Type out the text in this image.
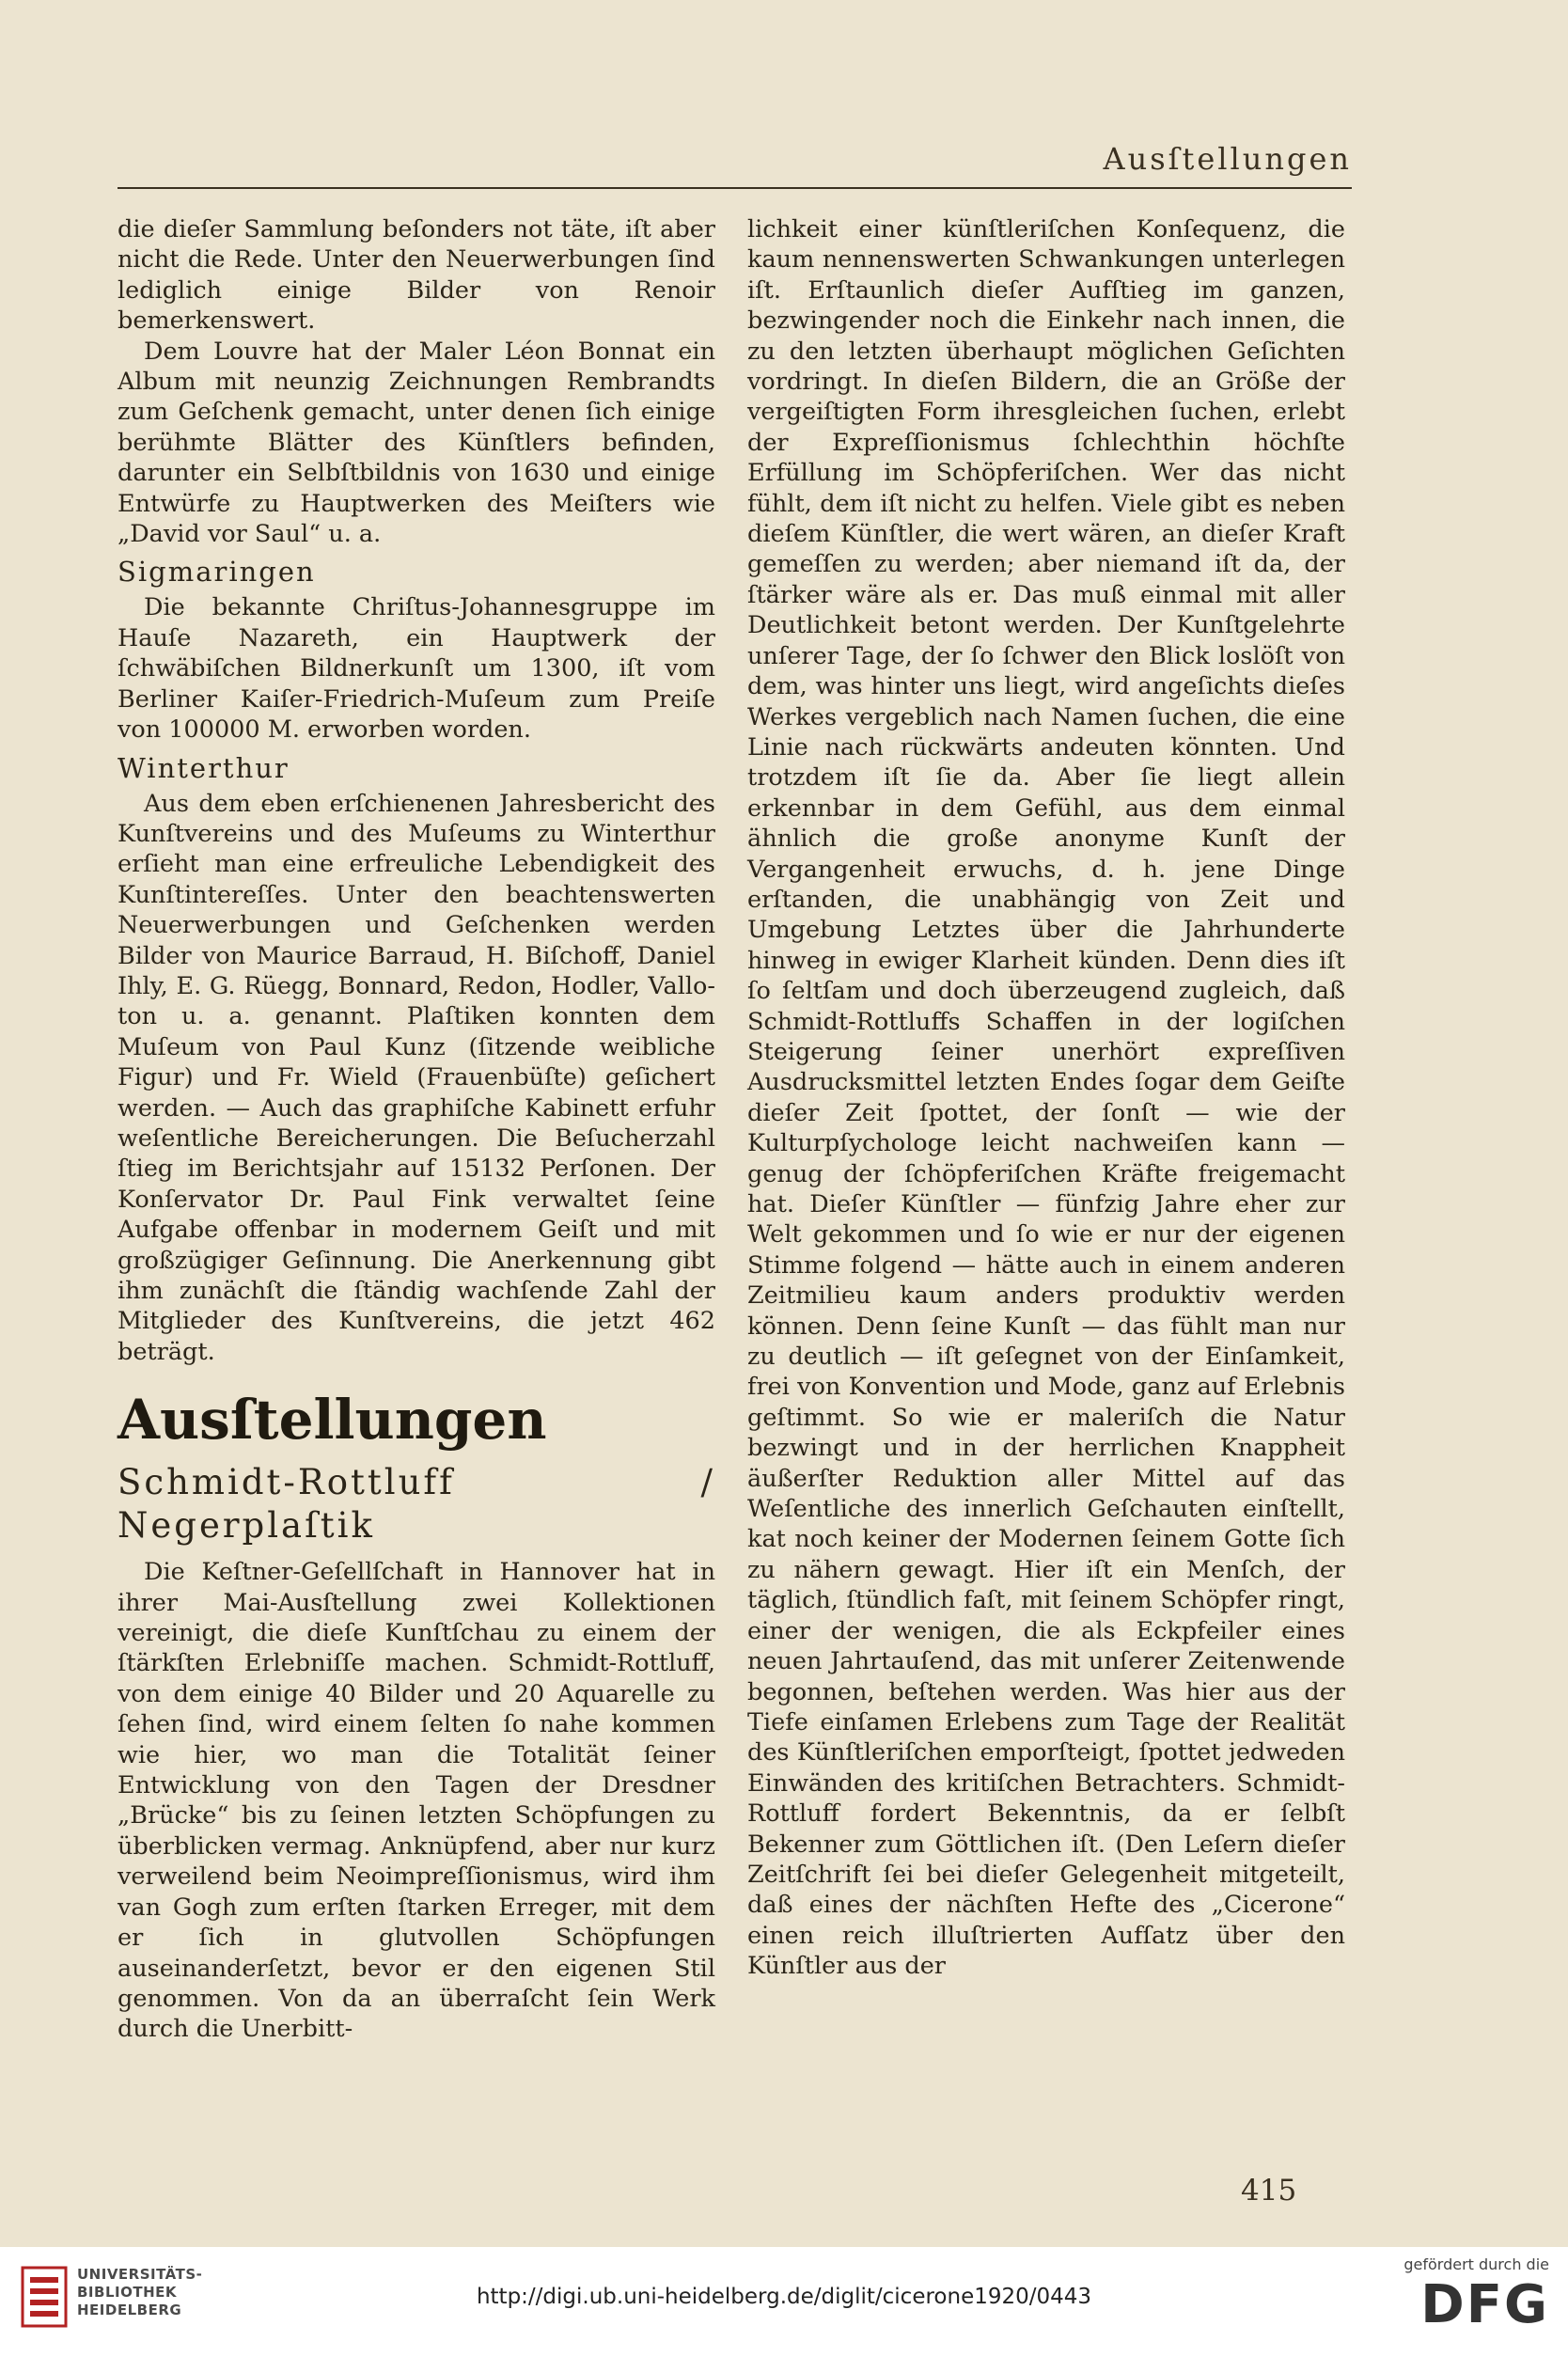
Ausſtellungen

die dieſer Sammlung beſonders not täte, iſt aber nicht die Rede. Unter den Neuerwerbungen ſind lediglich einige Bilder von Renoir bemerkenswert.

Dem Louvre hat der Maler Léon Bonnat ein Album mit neunzig Zeichnungen Rembrandts zum Geſchenk gemacht, unter denen ſich einige berühmte Blätter des Künſtlers befinden, darunter ein Selbſtbildnis von 1630 und einige Entwürfe zu Hauptwerken des Meiſters wie „David vor Saul“ u. a.

Sigmaringen

Die bekannte Chriſtus-Johannesgruppe im Hauſe Nazareth, ein Hauptwerk der ſchwäbiſchen Bildnerkunſt um 1300, iſt vom Berliner Kaiſer-Friedrich-Muſeum zum Preiſe von 100000 M. erworben worden.

Winterthur

Aus dem eben erſchienenen Jahresbericht des Kunſtvereins und des Muſeums zu Winterthur erſieht man eine erfreuliche Lebendigkeit des Kunſtintereſſes. Unter den beachtenswerten Neuerwerbungen und Geſchenken werden Bilder von Maurice Barraud, H. Biſchoff, Daniel Ihly, E. G. Rüegg, Bonnard, Redon, Hodler, Vallo-ton u. a. genannt. Plaſtiken konnten dem Muſeum von Paul Kunz (ſitzende weibliche Figur) und Fr. Wield (Frauenbüſte) geſichert werden. — Auch das graphiſche Kabinett erfuhr weſentliche Bereicherungen. Die Beſucherzahl ſtieg im Berichtsjahr auf 15132 Perſonen. Der Konſervator Dr. Paul Fink verwaltet ſeine Aufgabe offenbar in modernem Geiſt und mit großzügiger Geſinnung. Die Anerkennung gibt ihm zunächſt die ſtändig wachſende Zahl der Mitglieder des Kunſtvereins, die jetzt 462 beträgt.

Ausſtellungen
Schmidt-Rottluff / Negerplaſtik

Die Keſtner-Geſellſchaft in Hannover hat in ihrer Mai-Ausſtellung zwei Kollektionen vereinigt, die dieſe Kunſtſchau zu einem der ſtärkſten Erlebniſſe machen. Schmidt-Rottluff, von dem einige 40 Bilder und 20 Aquarelle zu ſehen ſind, wird einem ſelten ſo nahe kommen wie hier, wo man die Totalität ſeiner Entwicklung von den Tagen der Dresdner „Brücke“ bis zu ſeinen letzten Schöpfungen zu überblicken vermag. Anknüpfend, aber nur kurz verweilend beim Neoimpreſſionismus, wird ihm van Gogh zum erſten ſtarken Erreger, mit dem er ſich in glutvollen Schöpfungen auseinanderſetzt, bevor er den eigenen Stil genommen. Von da an überraſcht ſein Werk durch die Unerbitt-

lichkeit einer künſtleriſchen Konſequenz, die kaum nennenswerten Schwankungen unterlegen iſt. Erſtaunlich dieſer Aufſtieg im ganzen, bezwingender noch die Einkehr nach innen, die zu den letzten überhaupt möglichen Geſichten vordringt. In dieſen Bildern, die an Größe der vergeiſtigten Form ihresgleichen ſuchen, erlebt der Expreſſionismus ſchlechthin höchſte Erfüllung im Schöpferiſchen. Wer das nicht fühlt, dem iſt nicht zu helfen. Viele gibt es neben dieſem Künſtler, die wert wären, an dieſer Kraft gemeſſen zu werden; aber niemand iſt da, der ſtärker wäre als er. Das muß einmal mit aller Deutlichkeit betont werden. Der Kunſtgelehrte unſerer Tage, der ſo ſchwer den Blick loslöſt von dem, was hinter uns liegt, wird angeſichts dieſes Werkes vergeblich nach Namen ſuchen, die eine Linie nach rückwärts andeuten könnten. Und trotzdem iſt ſie da. Aber ſie liegt allein erkennbar in dem Gefühl, aus dem einmal ähnlich die große anonyme Kunſt der Vergangenheit erwuchs, d. h. jene Dinge erſtanden, die unabhängig von Zeit und Umgebung Letztes über die Jahrhunderte hinweg in ewiger Klarheit künden. Denn dies iſt ſo ſeltſam und doch überzeugend zugleich, daß Schmidt-Rottluffs Schaffen in der logiſchen Steigerung ſeiner unerhört expreſſiven Ausdrucksmittel letzten Endes ſogar dem Geiſte dieſer Zeit ſpottet, der ſonſt — wie der Kulturpſychologe leicht nachweiſen kann — genug der ſchöpferiſchen Kräfte freigemacht hat. Dieſer Künſtler — fünfzig Jahre eher zur Welt gekommen und ſo wie er nur der eigenen Stimme folgend — hätte auch in einem anderen Zeitmilieu kaum anders produktiv werden können. Denn ſeine Kunſt — das fühlt man nur zu deutlich — iſt geſegnet von der Einſamkeit, frei von Konvention und Mode, ganz auf Erlebnis geſtimmt. So wie er maleriſch die Natur bezwingt und in der herrlichen Knappheit äußerſter Reduktion aller Mittel auf das Weſentliche des innerlich Geſchauten einſtellt, kat noch keiner der Modernen ſeinem Gotte ſich zu nähern gewagt. Hier iſt ein Menſch, der täglich, ſtündlich faſt, mit ſeinem Schöpfer ringt, einer der wenigen, die als Eckpfeiler eines neuen Jahrtauſend, das mit unſerer Zeitenwende begonnen, beſtehen werden. Was hier aus der Tiefe einſamen Erlebens zum Tage der Realität des Künſtleriſchen emporſteigt, ſpottet jedweden Einwänden des kritiſchen Betrachters. Schmidt-Rottluff fordert Bekenntnis, da er ſelbſt Bekenner zum Göttlichen iſt. (Den Leſern dieſer Zeitſchrift ſei bei dieſer Gelegenheit mitgeteilt, daß eines der nächſten Hefte des „Cicerone“ einen reich illuſtrierten Aufſatz über den Künſtler aus der

415
UNIVERSITÄTS-
BIBLIOTHEK
HEIDELBERG
http://digi.ub.uni-heidelberg.de/diglit/cicerone1920/0443
gefördert durch die
DFG
